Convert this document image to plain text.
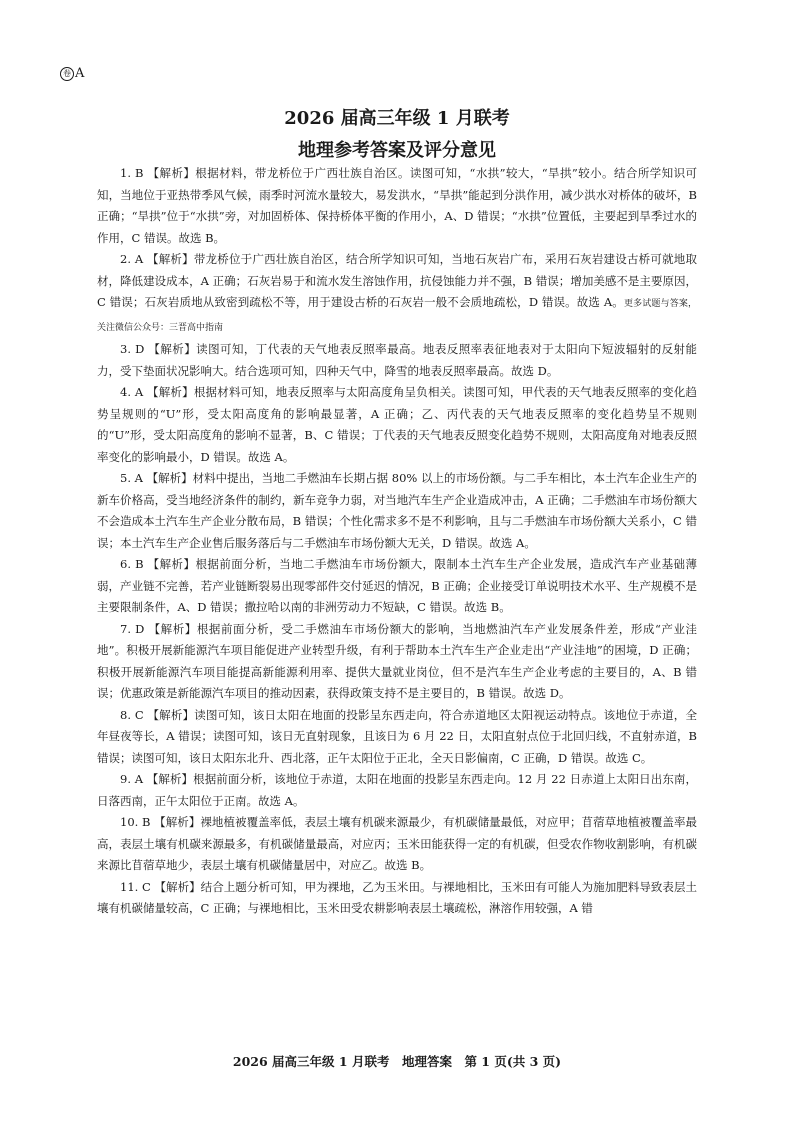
卷 A
2026 届高三年级 1 月联考
地理参考答案及评分意见

1. B 【解析】根据材料，带龙桥位于广西壮族自治区。读图可知，“水拱”较大，“旱拱”较小。结合所学知识可知，当地位于亚热带季风气候，雨季时河流水量较大，易发洪水，“旱拱”能起到分洪作用，减少洪水对桥体的破坏，B 正确；“旱拱”位于“水拱”旁，对加固桥体、保持桥体平衡的作用小，A、D 错误；“水拱”位置低，主要起到旱季过水的作用，C 错误。故选 B。

2. A 【解析】带龙桥位于广西壮族自治区，结合所学知识可知，当地石灰岩广布，采用石灰岩建设古桥可就地取材，降低建设成本，A 正确；石灰岩易于和流水发生溶蚀作用，抗侵蚀能力并不强，B 错误；增加美感不是主要原因，C 错误；石灰岩质地从致密到疏松不等，用于建设古桥的石灰岩一般不会质地疏松，D 错误。故选 A。更多试题与答案，关注微信公众号：三晋高中指南

3. D 【解析】读图可知，丁代表的天气地表反照率最高。地表反照率表征地表对于太阳向下短波辐射的反射能力，受下垫面状况影响大。结合选项可知，四种天气中，降雪的地表反照率最高。故选 D。

4. A 【解析】根据材料可知，地表反照率与太阳高度角呈负相关。读图可知，甲代表的天气地表反照率的变化趋势呈规则的“U”形，受太阳高度角的影响最显著，A 正确；乙、丙代表的天气地表反照率的变化趋势呈不规则的“U”形，受太阳高度角的影响不显著，B、C 错误；丁代表的天气地表反照变化趋势不规则，太阳高度角对地表反照率变化的影响最小，D 错误。故选 A。

5. A 【解析】材料中提出，当地二手燃油车长期占据 80% 以上的市场份额。与二手车相比，本土汽车企业生产的新车价格高，受当地经济条件的制约，新车竞争力弱，对当地汽车生产企业造成冲击，A 正确；二手燃油车市场份额大不会造成本土汽车生产企业分散布局，B 错误；个性化需求多不是不利影响，且与二手燃油车市场份额大关系小，C 错误；本土汽车生产企业售后服务落后与二手燃油车市场份额大无关，D 错误。故选 A。

6. B 【解析】根据前面分析，当地二手燃油车市场份额大，限制本土汽车生产企业发展，造成汽车产业基础薄弱，产业链不完善，若产业链断裂易出现零部件交付延迟的情况，B 正确；企业接受订单说明技术水平、生产规模不是主要限制条件，A、D 错误；撒拉哈以南的非洲劳动力不短缺，C 错误。故选 B。

7. D 【解析】根据前面分析，受二手燃油车市场份额大的影响，当地燃油汽车产业发展条件差，形成“产业洼地”。积极开展新能源汽车项目能促进产业转型升级，有利于帮助本土汽车生产企业走出“产业洼地”的困境，D 正确；积极开展新能源汽车项目能提高新能源利用率、提供大量就业岗位，但不是汽车生产企业考虑的主要目的，A、B 错误；优惠政策是新能源汽车项目的推动因素，获得政策支持不是主要目的，B 错误。故选 D。

8. C 【解析】读图可知，该日太阳在地面的投影呈东西走向，符合赤道地区太阳视运动特点。该地位于赤道，全年昼夜等长，A 错误；读图可知，该日无直射现象，且该日为 6 月 22 日，太阳直射点位于北回归线，不直射赤道，B 错误；读图可知，该日太阳东北升、西北落，正午太阳位于正北，全天日影偏南，C 正确，D 错误。故选 C。

9. A 【解析】根据前面分析，该地位于赤道，太阳在地面的投影呈东西走向。12 月 22 日赤道上太阳日出东南，日落西南，正午太阳位于正南。故选 A。

10. B 【解析】裸地植被覆盖率低，表层土壤有机碳来源最少，有机碳储量最低，对应甲；苜蓿草地植被覆盖率最高，表层土壤有机碳来源最多，有机碳储量最高，对应丙；玉米田能获得一定的有机碳，但受农作物收割影响，有机碳来源比苜蓿草地少，表层土壤有机碳储量居中，对应乙。故选 B。

11. C 【解析】结合上题分析可知，甲为裸地，乙为玉米田。与裸地相比，玉米田有可能人为施加肥料导致表层土壤有机碳储量较高，C 正确；与裸地相比，玉米田受农耕影响表层土壤疏松，淋溶作用较强，A 错

2026 届高三年级 1 月联考　地理答案　第 1 页(共 3 页)
